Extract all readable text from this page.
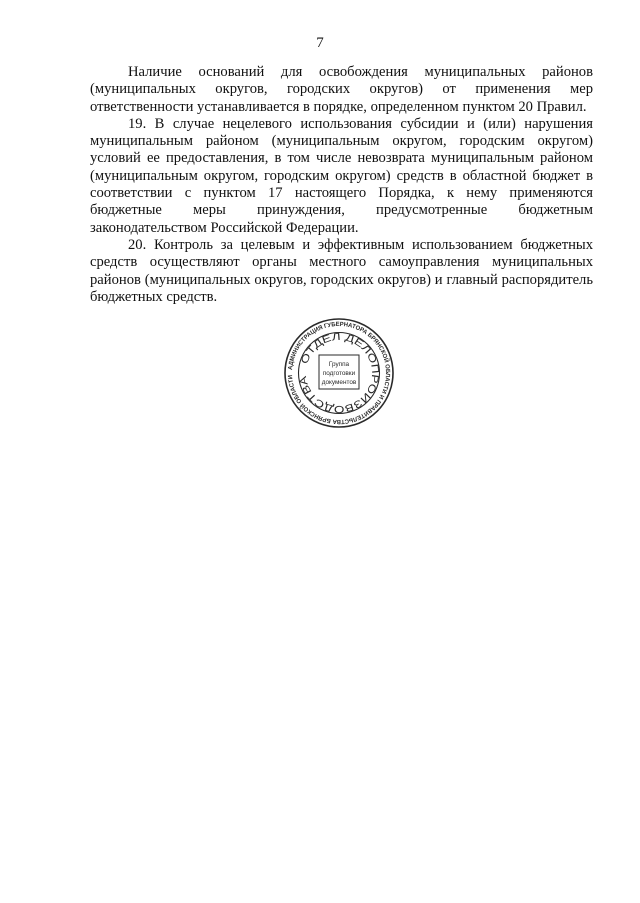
7

Наличие оснований для освобождения муниципальных районов (муниципальных округов, городских округов) от применения мер ответственности устанавливается в порядке, определенном пунктом 20 Правил.

19. В случае нецелевого использования субсидии и (или) нарушения муниципальным районом (муниципальным округом, городским округом) условий ее предоставления, в том числе невозврата муниципальным районом (муниципальным округом, городским округом) средств в областной бюджет в соответствии с пунктом 17 настоящего Порядка, к нему применяются бюджетные меры принуждения, предусмотренные бюджетным законодательством Российской Федерации.

20. Контроль за целевым и эффективным использованием бюджетных средств осуществляют органы местного самоуправления муниципальных районов (муниципальных округов, городских округов) и главный распорядитель бюджетных средств.

АДМИНИСТРАЦИЯ ГУБЕРНАТОРА БРЯНСКОЙ ОБЛАСТИ И ПРАВИТЕЛЬСТВА БРЯНСКОЙ ОБЛАСТИ
ОТДЕЛ ДЕЛОПРОИЗВОДСТВА
Группа
подготовки
документов
